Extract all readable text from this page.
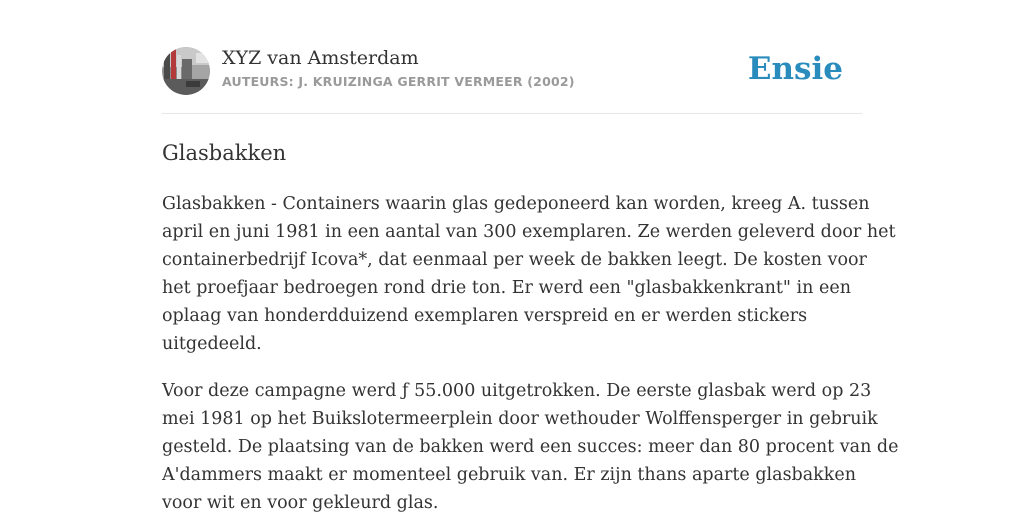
XYZ van Amsterdam
AUTEURS: J. KRUIZINGA GERRIT VERMEER (2002)	Ensie
Glasbakken

Glasbakken - Containers waarin glas gedeponeerd kan worden, kreeg A. tussen
april en juni 1981 in een aantal van 300 exemplaren. Ze werden geleverd door het
containerbedrijf Icova*, dat eenmaal per week de bakken leegt. De kosten voor
het proefjaar bedroegen rond drie ton. Er werd een "glasbakkenkrant" in een
oplaag van honderdduizend exemplaren verspreid en er werden stickers
uitgedeeld.

Voor deze campagne werd ƒ 55.000 uitgetrokken. De eerste glasbak werd op 23
mei 1981 op het Buikslotermeerplein door wethouder Wolffensperger in gebruik
gesteld. De plaatsing van de bakken werd een succes: meer dan 80 procent van de
A'dammers maakt er momenteel gebruik van. Er zijn thans aparte glasbakken
voor wit en voor gekleurd glas.
